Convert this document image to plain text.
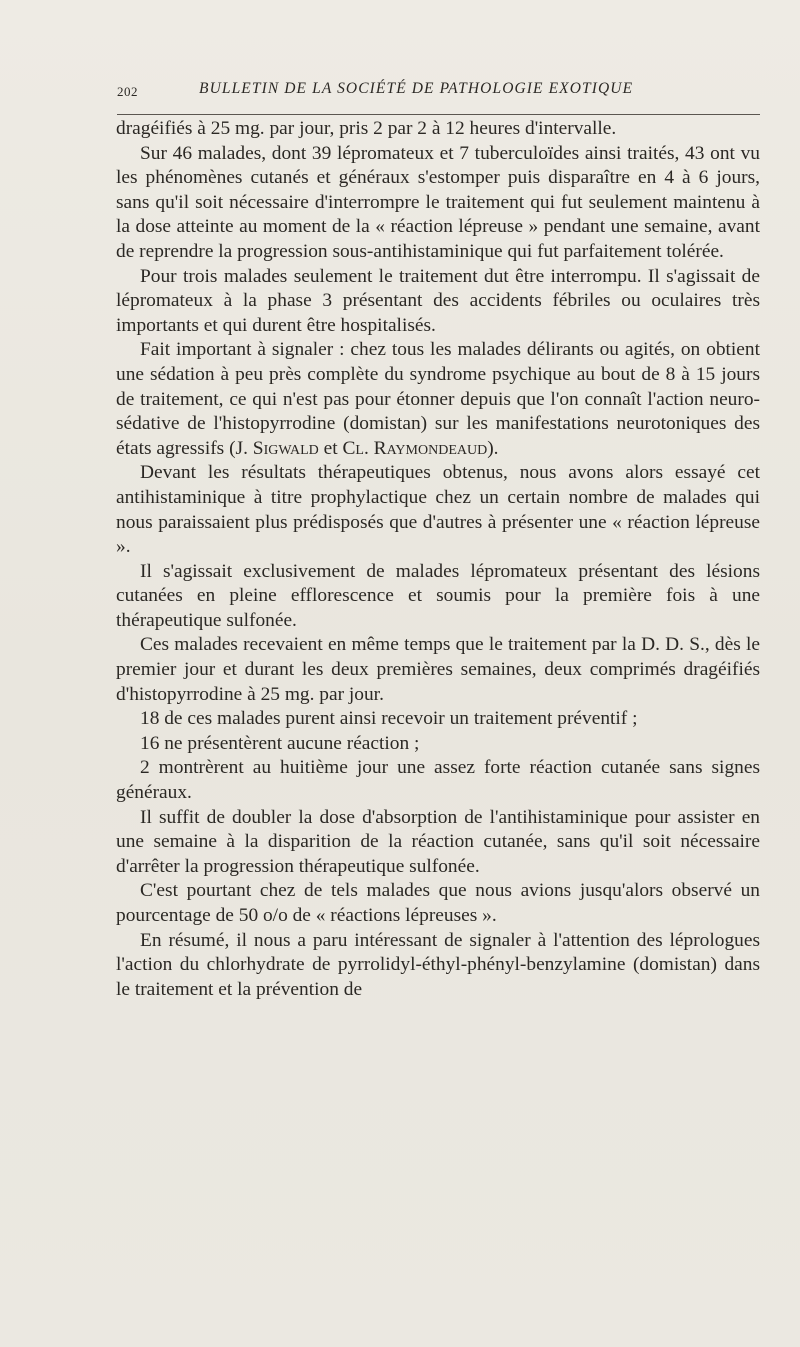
202	BULLETIN DE LA SOCIÉTÉ DE PATHOLOGIE EXOTIQUE

dragéifiés à 25 mg. par jour, pris 2 par 2 à 12 heures d'intervalle.

Sur 46 malades, dont 39 lépromateux et 7 tuberculoïdes ainsi traités, 43 ont vu les phénomènes cutanés et généraux s'estomper puis disparaître en 4 à 6 jours, sans qu'il soit nécessaire d'interrompre le traitement qui fut seulement maintenu à la dose atteinte au moment de la « réaction lépreuse » pendant une semaine, avant de reprendre la progression sous-antihistaminique qui fut parfaitement tolérée.

Pour trois malades seulement le traitement dut être interrompu. Il s'agissait de lépromateux à la phase 3 présentant des accidents fébriles ou oculaires très importants et qui durent être hospitalisés.

Fait important à signaler : chez tous les malades délirants ou agités, on obtient une sédation à peu près complète du syndrome psychique au bout de 8 à 15 jours de traitement, ce qui n'est pas pour étonner depuis que l'on connaît l'action neuro-sédative de l'histopyrrodine (domistan) sur les manifestations neurotoniques des états agressifs (J. Sigwald et Cl. Raymondeaud).

Devant les résultats thérapeutiques obtenus, nous avons alors essayé cet antihistaminique à titre prophylactique chez un certain nombre de malades qui nous paraissaient plus prédisposés que d'autres à présenter une « réaction lépreuse ».

Il s'agissait exclusivement de malades lépromateux présentant des lésions cutanées en pleine efflorescence et soumis pour la première fois à une thérapeutique sulfonée.

Ces malades recevaient en même temps que le traitement par la D. D. S., dès le premier jour et durant les deux premières semaines, deux comprimés dragéifiés d'histopyrrodine à 25 mg. par jour.

18 de ces malades purent ainsi recevoir un traitement préventif ;

16 ne présentèrent aucune réaction ;

2 montrèrent au huitième jour une assez forte réaction cutanée sans signes généraux.

Il suffit de doubler la dose d'absorption de l'antihistaminique pour assister en une semaine à la disparition de la réaction cutanée, sans qu'il soit nécessaire d'arrêter la progression thérapeutique sulfonée.

C'est pourtant chez de tels malades que nous avions jusqu'alors observé un pourcentage de 50 o/o de « réactions lépreuses ».

En résumé, il nous a paru intéressant de signaler à l'attention des léprologues l'action du chlorhydrate de pyrrolidyl-éthyl-phényl-benzylamine (domistan) dans le traitement et la prévention de
